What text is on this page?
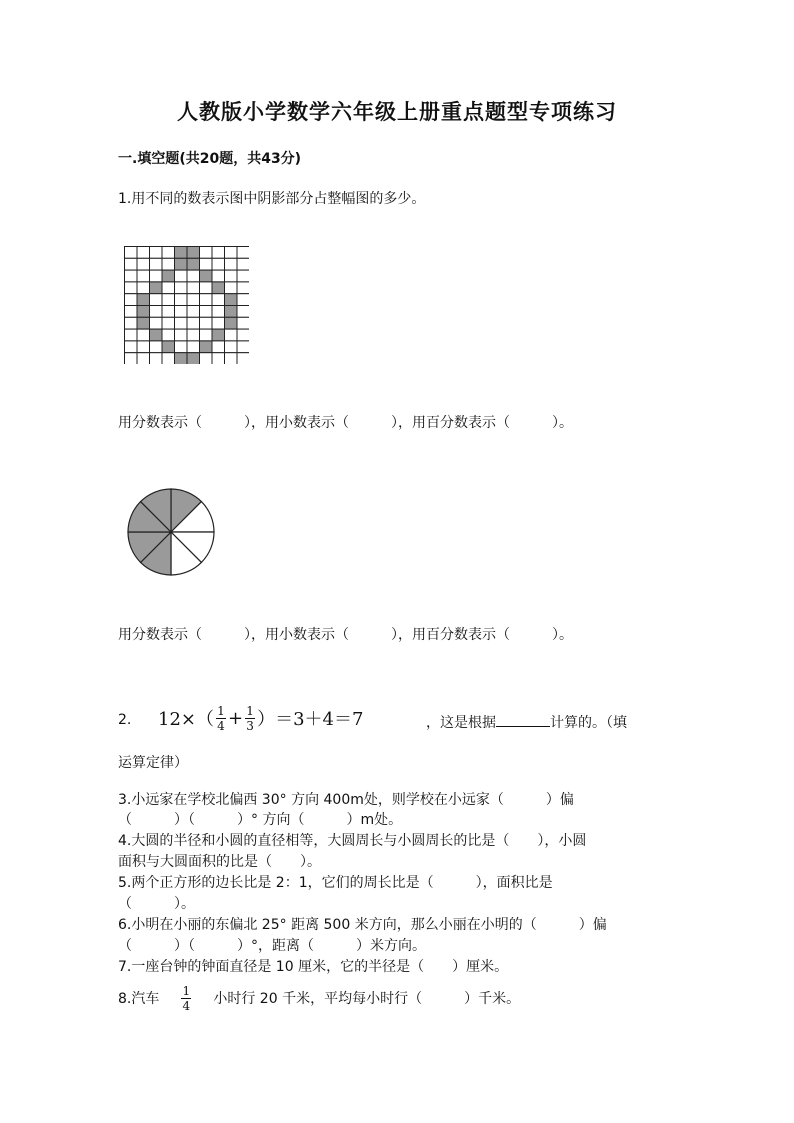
人教版小学数学六年级上册重点题型专项练习
一.填空题(共20题，共43分)
1.用不同的数表示图中阴影部分占整幅图的多少。
用分数表示（　　　），用小数表示（　　　），用百分数表示（　　　）。
用分数表示（　　　），用小数表示（　　　），用百分数表示（　　　）。
2. $12\times( \frac{1}{4} + \frac{1}{3} )=3+4=7$	，这是根据	计算的。（填
运算定律）
3.小远家在学校北偏西 30° 方向 400m处，则学校在小远家（　　　）偏
（　　　）（　　　）° 方向（　　　）m处。
4.大圆的半径和小圆的直径相等，大圆周长与小圆周长的比是（　　），小圆
面积与大圆面积的比是（　　）。
5.两个正方形的边长比是 2：1，它们的周长比是（　　　），面积比是
（　　　）。
6.小明在小丽的东偏北 25° 距离 500 米方向，那么小丽在小明的（　　　）偏
（　　　）（　　　）°，距离（　　　）米方向。
7.一座台钟的钟面直径是 10 厘米，它的半径是（　　）厘米。
8.汽车 $\frac{1}{4}$ 小时行 20 千米，平均每小时行（　　　）千米。
